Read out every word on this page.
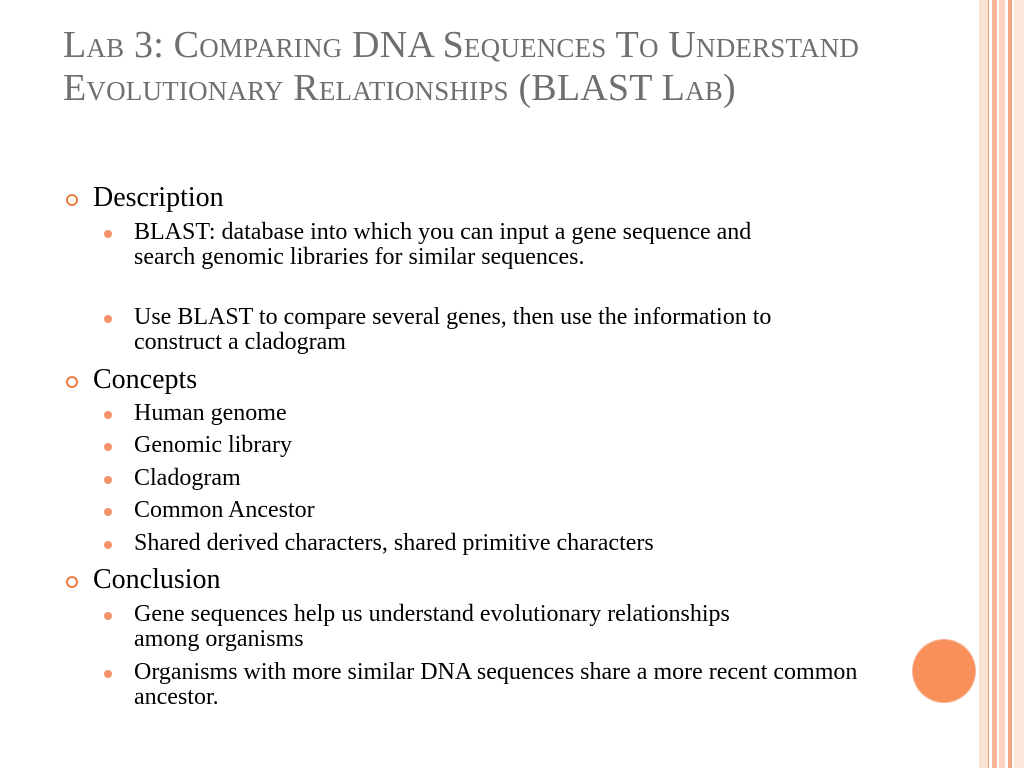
Lab 3: Comparing DNA Sequences To Understand Evolutionary Relationships (BLAST Lab)
Description
BLAST: database into which you can input a gene sequence and search genomic libraries for similar sequences.
Use BLAST to compare several genes, then use the information to construct a cladogram
Concepts
Human genome
Genomic library
Cladogram
Common Ancestor
Shared derived characters, shared primitive characters
Conclusion
Gene sequences help us understand evolutionary relationships among organisms
Organisms with more similar DNA sequences share a more recent common ancestor.
